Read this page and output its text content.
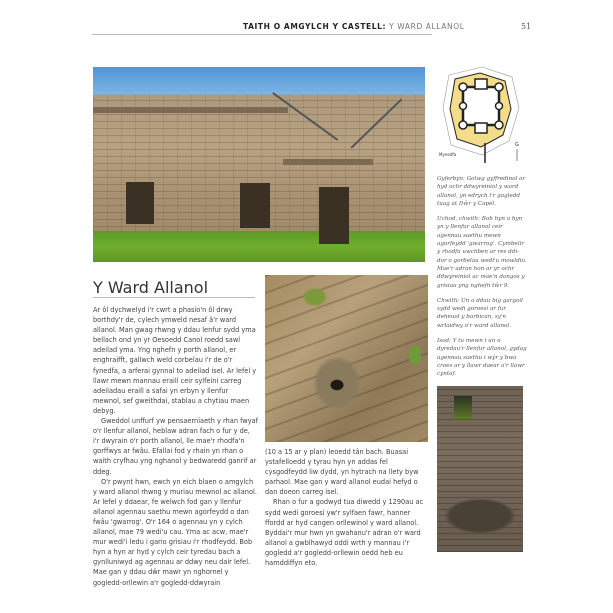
TAITH O AMGYLCH Y CASTELL: Y WARD ALLANOL	51
Mynedfa
G

Gyferbyn: Golwg gyffredinol ar hyd ochr ddwyreiniol y ward allanol, yn edrych i'r gogledd tuag at Dŵr y Capel.

Uchod, chwith: Bob hyn a hyn yn y llenfur allanol ceir agennau saethu mewn agorfeydd 'gwarrog'. Cymbelir y rhodfa uwchben ar res ddi-dor o gorbelau wedi'u mowldio. Mae'r adran hon ar yr ochr ddwyreiniol ac mae'n dangos y grisiau yng nghefn tŵr 9.

Chwith: Un o ddau big gargoil sydd wedi goroesi ar fur deheuol y barbican, sy'n wrlaidwy o'r ward allanol.

Isod: Y tu mewn i un o dyredau'r llenfur allanol, gydag agennau saethu i wŷr y bwa croes ar y llawr daear a'r llawr cyntaf.

Y Ward Allanol

Ar ôl dychwelyd i'r cwrt a phasio'n ôl drwy borthdy'r de, cylech ymweld nesaf â'r ward allanol. Man gwag rhwng y ddau lenfur sydd yma bellach ond yn yr Oesoedd Canol roedd sawl adeilad yma. Yng nghefn y porth allanol, er enghraifft, gallwch weld corbelau i'r de o'r fynedfa, a arferai gynnal to adeilad isel. Ar lefel y llawr mewn mannau eraill ceir sylfeini carreg adeiladau eraill a safai yn erbyn y llenfur mewnol, sef gweithdai, stablau a chytiau maen debyg.

Gweddol unffurf yw pensaernïaeth y rhan fwyaf o'r llenfur allanol, heblaw adran fach o fur y de, i'r dwyrain o'r porth allanol, lle mae'r rhodfa'n gorffwys ar fwâu. Efallai fod y rhain yn rhan o waith cryfhau yng nghanol y bedwaredd ganrif ar ddeg.

O'r pwynt hwn, ewch yn eich blaen o amgylch y ward allanol rhwng y muriau mewnol ac allanol. Ar lefel y ddaear, fe welwch fod gan y llenfur allanol agennau saethu mewn agorfeydd o dan fwâu 'gwarrog'. O'r 164 o agennau yn y cylch allanol, mae 79 wedi'u cau. Yma ac acw, mae'r mur wedi'i ledu i gario grisiau i'r rhodfeydd. Bob hyn a hyn ar hyd y cylch ceir tyredau bach a gynlluniwyd ag agennau ar ddwy neu dair lefel. Mae gan y ddau dŵr mawr yn nghornel y gogledd-orllewin a'r gogledd-ddwyrain

(10 a 15 ar y plan) leoedd tân bach. Buasai ystafelloedd y tyrau hyn yn addas fel cysgodfeydd liw dydd, yn hytrach na llety byw parhaol. Mae gan y ward allanol eudai hefyd o dan doeon carreg isel.

Rhan o fur a godwyd tua diwedd y 1290au ac sydd wedi goroesi yw'r sylfaen fawr, hanner ffordd ar hyd cangen orllewinol y ward allanol. Byddai'r mur hwn yn gwahanu'r adran o'r ward allanol a gwblhawyd oddi wrth y mannau i'r gogledd a'r gogledd-orllewin oedd heb eu hamddiffyn eto.
